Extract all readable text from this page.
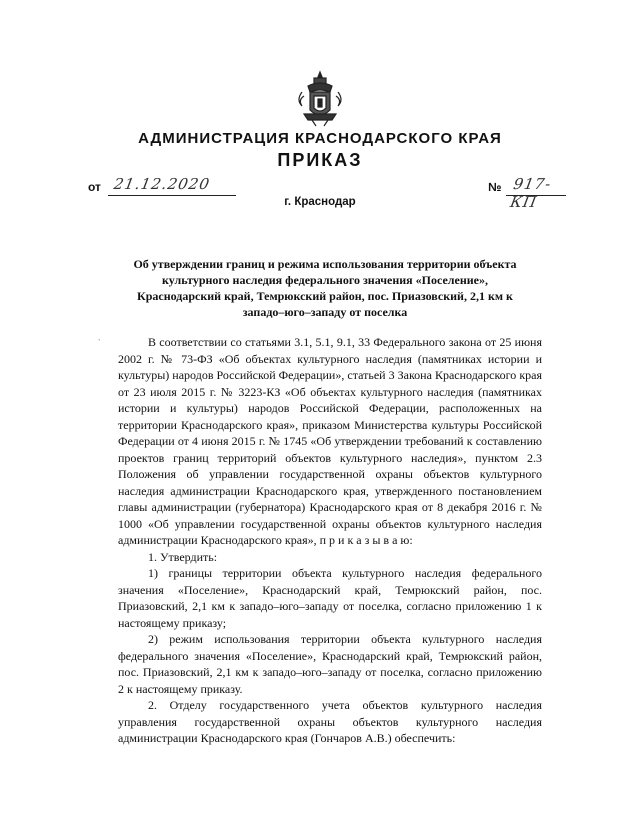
АДМИНИСТРАЦИЯ КРАСНОДАРСКОГО КРАЯ
ПРИКАЗ
от 21.12.2020	№ 917-КП
г. Краснодар
Об утверждении границ и режима использования территории объекта культурного наследия федерального значения «Поселение», Краснодарский край, Темрюкский район, пос. Приазовский, 2,1 км к западо–юго–западу от поселка
`	В соответствии со статьями 3.1, 5.1, 9.1, 33 Федерального закона от 25 июня 2002 г. № 73-ФЗ «Об объектах культурного наследия (памятниках истории и культуры) народов Российской Федерации», статьей 3 Закона Краснодарского края от 23 июля 2015 г. № 3223-КЗ «Об объектах культурного наследия (памятниках истории и культуры) народов Российской Федерации, расположенных на территории Краснодарского края», приказом Министерства культуры Российской Федерации от 4 июня 2015 г. № 1745 «Об утверждении требований к составлению проектов границ территорий объектов культурного наследия», пунктом 2.3 Положения об управлении государственной охраны объектов культурного наследия администрации Краснодарского края, утвержденного постановлением главы администрации (губернатора) Краснодарского края от 8 декабря 2016 г. № 1000 «Об управлении государственной охраны объектов культурного наследия администрации Краснодарского края», п р и к а з ы в а ю:

1. Утвердить:

1) границы территории объекта культурного наследия федерального значения «Поселение», Краснодарский край, Темрюкский район, пос. Приазовский, 2,1 км к западо–юго–западу от поселка, согласно приложению 1 к настоящему приказу;

2) режим использования территории объекта культурного наследия федерального значения «Поселение», Краснодарский край, Темрюкский район, пос. Приазовский, 2,1 км к западо–юго–западу от поселка, согласно приложению 2 к настоящему приказу.

2. Отделу государственного учета объектов культурного наследия управления государственной охраны объектов культурного наследия администрации Краснодарского края (Гончаров А.В.) обеспечить:
